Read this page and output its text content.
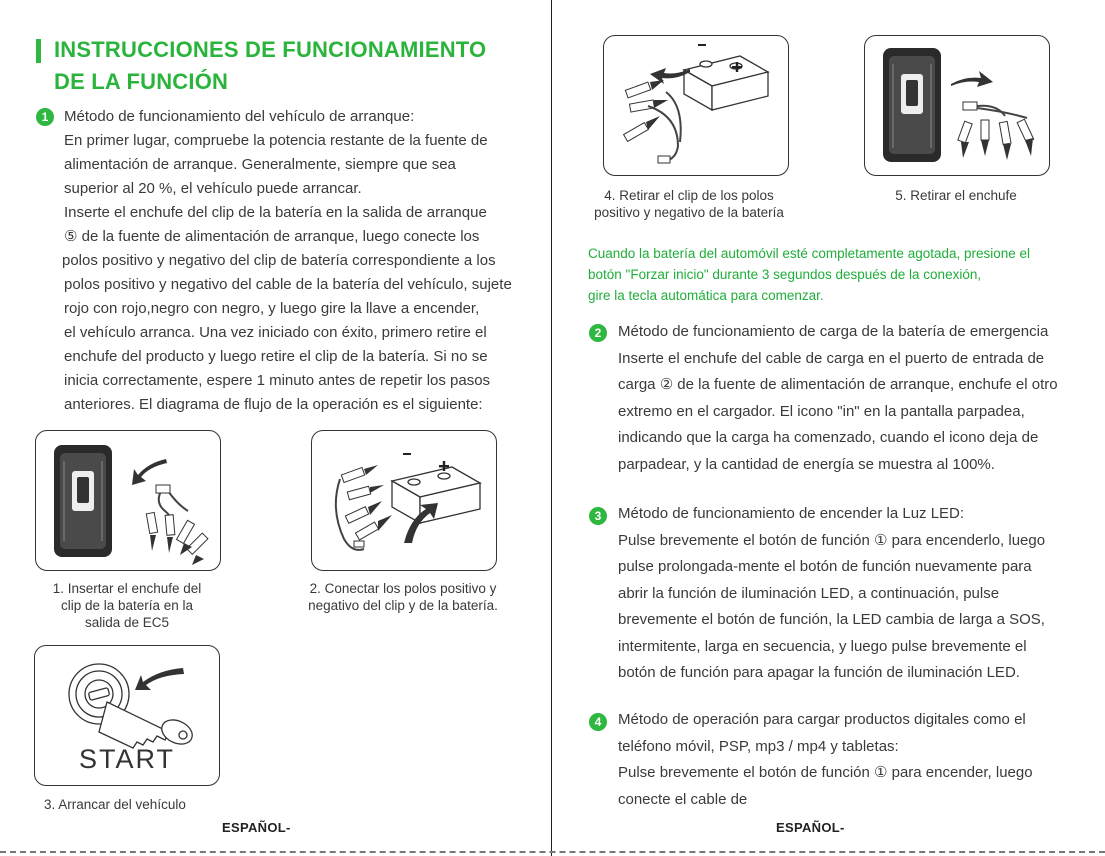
INSTRUCCIONES DE FUNCIONAMIENTO
DE LA FUNCIÓN
1	Método de funcionamiento del vehículo de arranque:
En primer lugar, compruebe la potencia restante de la fuente de
alimentación de arranque. Generalmente, siempre que sea
superior al 20 %, el vehículo puede arrancar.
Inserte el enchufe del clip de la batería en la salida de arranque
⑤ de la fuente de alimentación de arranque, luego conecte los
polos positivo y negativo del clip de batería correspondiente a los
polos positivo y negativo del cable de la batería del vehículo, sujete
rojo con rojo,negro con negro, y luego gire la llave a encender,
el vehículo arranca. Una vez iniciado con éxito, primero retire el
enchufe del producto y luego retire el clip de la batería. Si no se
inicia correctamente, espere 1 minuto antes de repetir los pasos
anteriores. El diagrama de flujo de la operación es el siguiente:
1. Insertar el enchufe del
clip de la batería en la
salida de EC5
2. Conectar los polos positivo y
negativo del clip y de la batería.
START
3. Arrancar del vehículo
ESPAÑOL-
4. Retirar el clip de los polos
positivo y negativo de la batería
5. Retirar el enchufe
Cuando la batería del automóvil esté completamente agotada, presione el
botón "Forzar inicio" durante 3 segundos después de la conexión,
gire la tecla automática para comenzar.
2	Método de funcionamiento de carga de la batería de emergencia
Inserte el enchufe del cable de carga en el puerto de entrada de
carga ② de la fuente de alimentación de arranque, enchufe el otro
extremo en el cargador. El icono "in" en la pantalla parpadea,
indicando que la carga ha comenzado, cuando el icono deja de
parpadear, y la cantidad de energía se muestra al 100%.
3	Método de funcionamiento de encender la Luz LED:
Pulse brevemente el botón de función ① para encenderlo, luego
pulse prolongada-mente el botón de función nuevamente para
abrir la función de iluminación LED, a continuación, pulse
brevemente el botón de función, la LED cambia de larga a SOS,
intermitente, larga en secuencia, y luego pulse brevemente el
botón de función para apagar la función de iluminación LED.
4	Método de operación para cargar productos digitales como el
teléfono móvil, PSP, mp3 / mp4 y tabletas:
Pulse brevemente el botón de función ① para encender, luego
conecte el cable de
ESPAÑOL-
